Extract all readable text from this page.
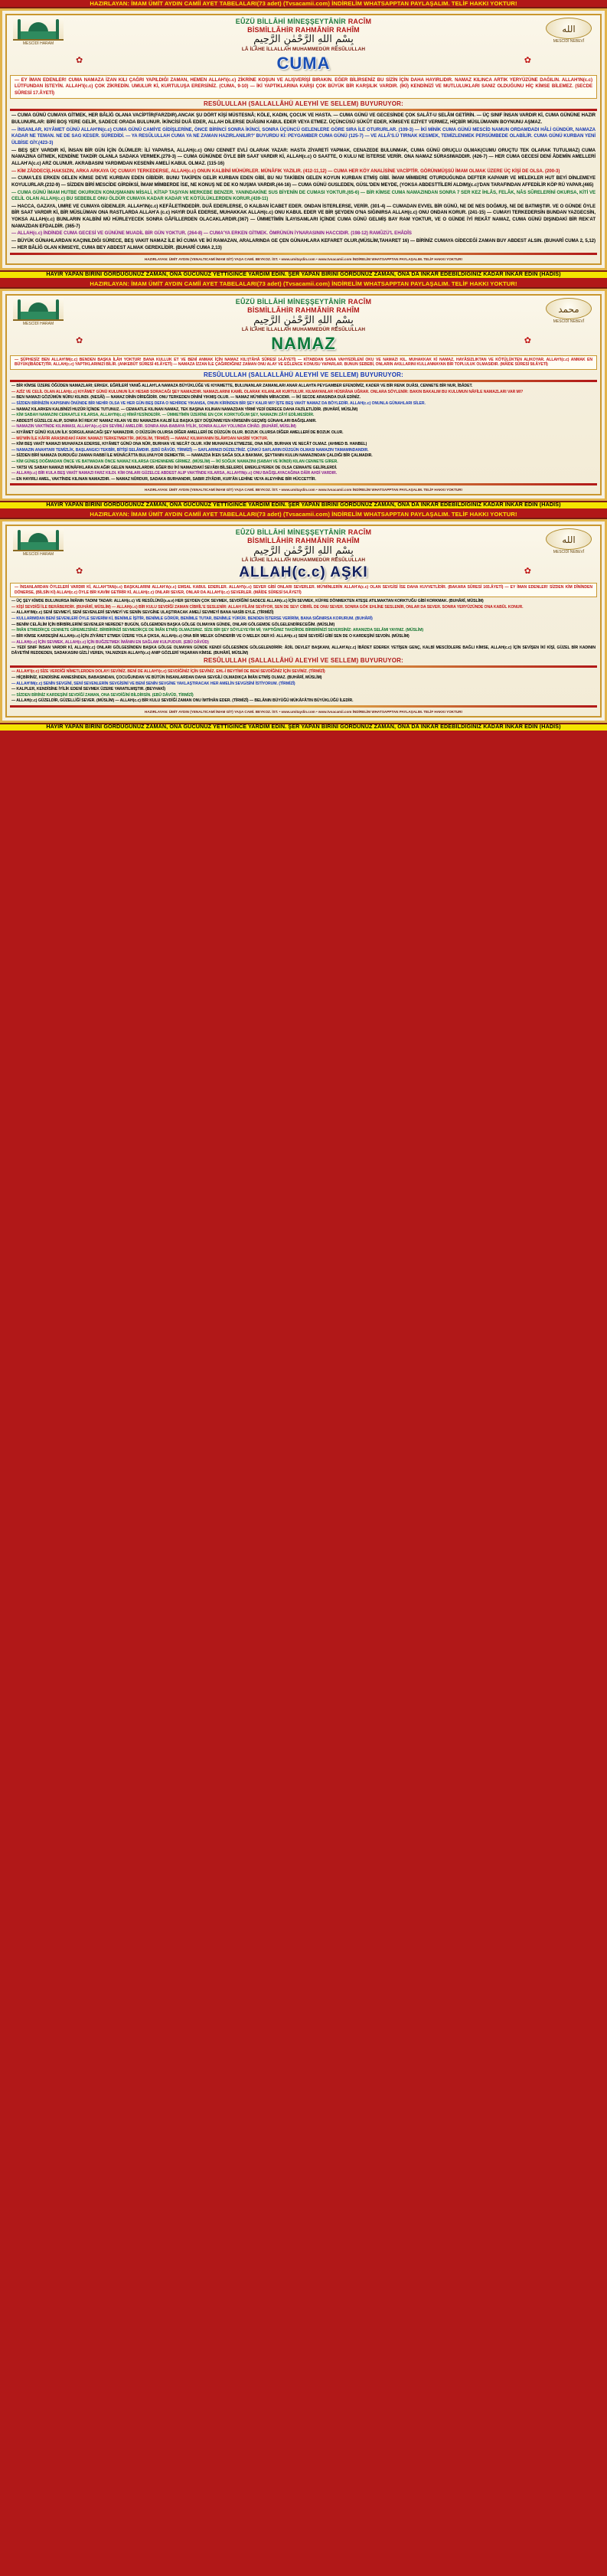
HAZIRLAYAN: İMAM ÜMİT AYDIN CAMİİ AYET TABELALARI(73 adet) (Tvsacamii.com) İNDİRELİM WHATSAPPTAN PAYLAŞALIM. TELİF HAKKI YOKTUR!
MESCİDİ HARAM
EÛZÜ BİLLÂHİ MİNEŞŞEYTÂNİR RACÎM
BİSMİLLÂHİR RAHMÂNİR RAHÎM
بِسْمِ اللهِ الرَّحْمٰنِ الرَّحِيمِ
LÂ İLÂHE İLLALLAH MUHAMMEDÜR RESÛLULLAH
الله
MESCİDİ NEBEVÎ
✿	CUMA	✿
— EY İMAN EDENLER! CUMA NAMAZA İZAN KILI ÇAĞRI YAPILDIĞI ZAMAN, HEMEN ALLAH'I(c.c) ZİKRİNE KOŞUN VE ALIŞVERİŞİ BIRAKIN. EĞER BİLİRSENİZ BU SİZİN İÇİN DAHA HAYIRLIDIR. NAMAZ KILINCA ARTIK YERYÜZÜNE DAĞILIN. ALLAH'IN(c.c) LÜTFUNDAN İSTEYİN. ALLAH'I(c.c) ÇOK ZİKREDİN. UMULUR Kİ, KURTULUŞA ERERSİNİZ. (CUMA, 9-10) — İKİ YAPTIKLARINA KARŞI ÇOK BÜYÜK BİR KARŞILIK VARDIR. (İKİ) KENDİNİZİ VE MUTLULUKLARI SANIZ OLDUĞUNU HİÇ KİMSE BİLEMEZ. (SECDE SÛRESİ 17.ÂYETİ)
RESÛLULLAH (SALLALLÂHÜ ALEYHİ VE SELLEM) BUYURUYOR:

— CUMA GÜNÜ CUMAYA GİTMEK, HER BÂLİĞ OLANA VACİPTİR(FARZDIR).ANCAK ŞU DÖRT KİŞİ MÜSTESNÂ; KÖLE, KADIN, ÇOCUK VE HASTA. — CUMA GÜNÜ VE GECESİNDE ÇOK SALÂT-U SELÂM GETİRİN. — ÜÇ SINIF İNSAN VARDIR Kİ, CUMA GÜNÜNE HAZIR BULUNURLAR: BİRİ BOŞ YERE GELİR, SADECE ORADA BULUNUR. İKİNCİSİ DUÂ EDER, ALLAH DİLERSE DUÂSINI KABUL EDER VEYA ETMEZ. ÜÇÜNCÜSÜ SÜKÛT EDER, KİMSEYE EZİYET VERMEZ, HİÇBİR MÜSLÜMANIN BOYNUNU AŞMAZ.

— İNSANLAR, KIYÂMET GÜNÜ ALLAH'IN(c.c) CUMA GÜNÜ CAMİYE GİDİŞLERİNE, ÖNCE BİRİNCİ SONRA İKİNCİ, SONRA ÜÇÜNCÜ GELENLERE GÖRE SIRA İLE OTURURLAR. (109-3) — İKİ MİNİK CUMA GÜNÜ MESCİD NAMUN ORDAMDADI HÂLİ GÜNDÜR, NAMAZA KADAR NE TEMAN. NE DE SAG KESER. SÜREDİDİ. — YA RESÛLULLAH CUMA YA NE ZAMAN HAZIRLANILIR?' BUYURDU Kİ: PEYGAMBER CUMA GÜNÜ (125-7) — VE ALLÂ'S.Ü TIRNAK KESMEK, TEMİZLENMEK PERSÜMBEDE OLABİLİR. CUMA GÜNÜ KURBAN YENİ ÜLBİSE GİY.(423-3)

— BEŞ ŞEY VARDIR Kİ, İNSAN BİR GÜN İÇİN ÖLÜMLER: İLİ YAPARSA, ALLAH(c.c) ONU CENNET EVLİ OLARAK YAZAR: HASTA ZİYARETİ YAPMAK, CENAZEDE BULUNMAK, CUMA GÜNÜ ORUÇLU OLMAK(CUMU ORUÇTU TEK OLARAK TUTULMAZ) CUMA NAMAZINA GİTMEK, KENDİNE TAKDİR OLANLA SADAKA VERMEK.(279-3) — CUMA GÜNÜNDE ÖYLE BİR SAAT VARDIR Kİ, ALLAH(c.c) O SAATTE, O KULU NE İSTERSE VERİR. ONA NAMAZ SÜRASIWADDIR. (426-7) — HER CUMA GECESİ DENİ ÂDEMİN AMELLERİ ALLAH'A(c.c) ARZ OLUNUR. AKRABASINI YARDIMDAN KESENİN AMELİ KABUL OLMAZ. (115-16)

— KİM ZÂDDECİ(LHAKSIZIN, ARKA ARKAYA ÜÇ CUMAYI TERKEDERSE, ALLAH(c.c) ONUN KALBİNİ MÜHÜRLER. MÜNÂFIK YAZILIR. (412-11,12) — CUMA HER KÖY ANALİSİNE VACİPTİR. GÖRÜNMÜŞSÜ İMAM OLMAK ÜZERE ÜÇ KİŞİ DE OLSA. (200-3)

— CUMA'LES ERKEN GELEN KİMSE DEVE KURBAN EDEN GİBİDİR. BUNU TAKİPEN GELİR KURBAN EDEN GİBİ, BU NU TAKİBEN GELEN KOYUN KURBAN ETMİŞ GİBİ. İMAM MİMBERE OTURDUĞUNDA DEFTER KAPANIR VE MELEKLER HUT BEYİ DİNLEMEYE KOYULURLAR.(232-9) — SİZDEN BİRİ MESCİDE GİRDİKSİ, İMAM MİMBERDE İSE, NE KONUŞ NE DE KO NUŞMA VARDIR.(44-16) — CUMA GÜNÜ GUSLEDEN, GÜSL'DEN MEYDE, (YOKSA ABDESTTİLERİ ALDIM)(c.c)'DAN TARAFINDAN AFFEDİLİR KÖP RÜ YAPAR.(465)

— CUMA GÜNÜ İMAM HUTBE OKURKEN KONUŞMANIN MİSALİ, KİTAP TAŞIYAN MERKEBE BENZER. YANINDAKİNE SUS BİYENİN DE CUMASI YOKTUR.(65-6) — BİR KİMSE CUMA NAMAZINDAN SONRA 7 SER KEZ İHLÂS, FELÂK, NÂS SÛRELERİNİ OKURSA, KİTİ VE CELİL OLAN ALLAH(c.c) BU SEBEBLE ONU ÖLDÜR CUMAYA KADAR KADAR VE KÖTÜLÜKLERDEN KORUR.(439-11)

— HACCA, GAZAYA, UMRE VE CUMAYA GİDENLER. ALLAH'IN(c.c) KEFÂLETİNDEDİR. DUÂ EDERLERSE, O KALBAN İCABET EDER. ONDAN İSTERLERSE, VERİR. (301-4) — CUMADAN EVVEL BİR GÜNÜ, NE DE NES DOĞMUŞ, NE DE BATMIŞTIR. VE O GÜNDE ÖYLE BİR SAAT VARDIR Kİ, BİR MÜSLÜMAN ONA RASTLARDA ALLAH'A (c.c) HAYIR DUÂ EDERSE, MUHAKKAK ALLAH(c.c) ONU KABUL EDER VE BİR ŞEYDEN O'NA SIĞINIRSA ALLAH(c.c) ONU ONDAN KORUR. (241-15) — CUMAYI TERKEDERSİN BUNDAN YAZGECSİN, YOKSA ALLAH(c.c) BUNLARIN KALBİNİ MÜ HÜRLEYECEK SONRA GÂFİLLERDEN OLACAKLARDIR.(367) — ÜMMETİMİN İLAYISAMLARI İÇİNDE CUMA GÜNÜ GELMİŞ BAY RAM YOKTUR, VE O GÜNDE İYİ REKÂT NAMAZ, CUMA GÜNÜ DIŞINDAKİ BİR REK'AT NAMAZDAN EFDALDİR. (365-7)

— ALLAH(c.c) İNDİNDE CUMA GECESİ VE GÜNÜNE MUADİL BİR GÜN YOKTUR. (264-8) — CUMA'YA ERKEN GİTMEK. ÖMRÜNÜN İYNARASININ HACCIDIR. (198-12) RAMÛZÜ'L EHÂDÎS

— BÜYÜK GÜNAHLARDAN KAÇINILDIĞI SÜRECE, BEŞ VAKIT NAMAZ İLE İKİ CUMA VE İKİ RAMAZAN, ARALARINDA GE ÇEN GÜNAHLARA KEFARET OLUR.(MÜSLİM,TAHARET 16) — BİRİNİZ CUMAYA GİDECEĞİ ZAMAN BUY ABDEST ALSIN. (BUHARÎ CUMA 2, 5,12) — HER BÂLİĞ OLAN KİMSEYE, CUMA BEY ABDEST ALMAK GEREKLİDİR. (BUHARÎ CUMA 2,13)

HAZIRLAYAN: ÜMİT AYDIN (YENALTICAMİ İMAM GİT) YAŞA CAMİ. BEYKOZ. İST. • www.umitaydin.com • www.tvsacamii.com İNDİRELİM WHATSAPPTAN PAYLAŞALIM. TELİF HAKKI YOKTUR!
HAYIR YAPAN BİRİNİ GÖRDÜĞÜNÜZ ZAMAN, ONA GÜCÜNÜZ YETTİĞİNCE YARDIM EDİN. ŞER YAPAN BİRİNİ GÖRDÜNÜZ ZAMAN, ONA DA İNKAR EDEBİLDİĞİNİZ KADAR İNKAR EDİN (HADİS)
HAZIRLAYAN: İMAM ÜMİT AYDIN CAMİİ AYET TABELALARI(73 adet) (Tvsacamii.com) İNDİRELİM WHATSAPPTAN PAYLAŞALIM. TELİF HAKKI YOKTUR!
MESCİDİ HARAM
EÛZÜ BİLLÂHİ MİNEŞŞEYTÂNİR RACÎM
BİSMİLLÂHİR RAHMÂNİR RAHÎM
بِسْمِ اللهِ الرَّحْمٰنِ الرَّحِيمِ
LÂ İLÂHE İLLALLAH MUHAMMEDÜR RESÛLULLAH
محمد
MESCİDİ NEBEVÎ
✿	NAMAZ	✿
— ŞÜPHESİZ BEN ALLAH'IM(c.c) BENDEN BAŞKA İLÂH YOKTUR! BANA KULLUK ET VE BENİ ANMAK İÇİN NAMAZ KIL!(TÂHÂ SÛRESİ 14.ÂYETİ) — KİTABDAN SANA VAHYEDİLENİ OKU VE NAMAZI KIL. MUHAKKAK Kİ NAMAZ, HAYÂSIZLIKTAN VE KÖTÜLÜKTEN ALIKOYAR. ALLAH'I(c.c) ANMAK EN BÜYÜK(İBÂDET)TİR. ALLAH(c.c) YAPTIKLARINIZI BİLİR. (ANKEBÛT SÛRESİ 45.ÂYETİ) — NAMAZA İZZAN İLE ÇAĞIRDIĞINIZ ZAMAN ONU ALAY VE EĞLENCE KONUSU YAPARLAR. BUNUN SEBEBİ, ONLARIN AKILLARINI KULLANMAYAN BİR TOPLULUK OLMASIDIR. (MÂİDE SÛRESİ 58.ÂYETİ)
RESÛLULLAH (SALLALLÂHÜ ALEYHİ VE SELLEM) BUYURUYOR:

— BİR KİMSE ÜZERE ÖĞÜDEN NAMAZLARI; ERKEK. EĞRİLERİ YANIĞ ALLAH'LA NAMAZA BÜYÜKLÜĞE VE KIYAMETTE, BULUNANLAR ZAMANLARI ANAR ALLAHTA PEYGAMBER EFENDİMİZ, KADER VE BİR RENK DUÂSI, CENNETE BİR NUR, İBÂDET.

— AZİZ VE CELİL OLAN ALLAH(c.c) KIYÂMET GÜNÜ KULUNUN İLK HESAB SORACAĞI ŞEY NAMAZDIR. NAMAZLARINI KAMİL OLARAK KILANLAR KURTULUR. KILMAYANLAR HÜSRÂNA UĞRAR. ONLARA SÖYLENİR: BAKIN BAKALIM BU KULUMUN NÂFİLE NAMAZLARI VAR MI?

— BEN NAMAZI GÖZÜMÜN NÛRU KILINDI. (NESÂÎ) — NAMAZ DİNİN DİREĞİDİR. ONU TERKEDEN DİNİNİ YIKMIŞ OLUR. — NAMAZ MÜ'MİNİN MİRACIDIR. — İKİ SECDE ARASINDA DUÂ EDİNİZ.

— SİZDEN BİRİNİZİN KAPISININ ÖNÜNDE BİR NEHİR OLSA VE HER GÜN BEŞ DEFA O NEHİRDE YIKANSA, ONUN KİRİNDEN BİR ŞEY KALIR MI? İŞTE BEŞ VAKİT NAMAZ DA BÖYLEDİR. ALLAH(c.c) ONUNLA GÜNAHLARI SİLER.

— NAMAZ KILARKEN KALBİNİZİ HUZÛR İÇİNDE TUTUNUZ. — CEMAATLE KILINAN NAMAZ, TEK BAŞINA KILINAN NAMAZDAN YİRMİ YEDİ DERECE DAHA FAZİLETLİDİR. (BUHÂRÎ, MÜSLİM)

— KİM SABAH NAMAZINI CEMAATLE KILARSA, ALLAH'IN(c.c) HİMÂYESİNDEDİR. — ÜMMETİMİN ÜZERİNE EN ÇOK KORKTUĞUM ŞEY, NAMAZIN ZÂYİ EDİLMESİDİR.

— ABDESTİ GÜZELCE ALIP, SONRA İKİ REK'AT NAMAZ KILAN VE BU NAMAZDA KALBİ İLE BAŞKA ŞEY DÜŞÜNMEYEN KİMSENİN GEÇMİŞ GÜNAHLARI BAĞIŞLANIR.

— NAMAZIN VAKTİNDE KILINMASI, ALLAH'A(c.c) EN SEVİMLİ AMELDİR. SONRA ANA-BABAYA İYİLİK, SONRA ALLAH YOLUNDA CİHÂD. (BUHÂRÎ, MÜSLİM)

— KIYÂMET GÜNÜ KULUN İLK SORGULANACAĞI ŞEY NAMAZDIR. O DÜZGÜN OLURSA DİĞER AMELLERİ DE DÜZGÜN OLUR. BOZUK OLURSA DİĞER AMELLERİ DE BOZUK OLUR.

— MÜ'MİN İLE KÂFİR ARASINDAKİ FARK NAMAZI TERKETMEKTİR. (MÜSLİM, TİRMİZÎ) — NAMAZ KILMAYANIN İSLÂM'DAN NASİBİ YOKTUR.

— KİM BEŞ VAKİT NAMAZI MUHAFAZA EDERSE, KIYÂMET GÜNÜ ONA NÛR, BURHAN VE NECÂT OLUR. KİM MUHAFAZA ETMEZSE, ONA NÛR, BURHAN VE NECÂT OLMAZ. (AHMED B. HANBEL)

— NAMAZIN ANAHTARI TEMİZLİK, BAŞLANGICI TEKBİR, BİTİŞİ SELÂMDIR. (EBÛ DÂVÛD, TİRMİZÎ) — SAFLARINIZI DÜZELTİNİZ. ÇÜNKÜ SAFLARIN DÜZGÜN OLMASI NAMAZIN TAMAMINDANDIR.

— SİZDEN BİRİ NAMAZA DURDUĞU ZAMAN RABBİ İLE MÜNÂCÂTTA BULUNUYOR DEMEKTİR. — NAMAZDA İKEN SAĞA SOLA BAKMAK, ŞEYTANIN KULUN NAMAZINDAN ÇALDIĞI BİR ÇALMADIR.

— KİM GÜNEŞ DOĞMADAN ÖNCE VE BATMADAN ÖNCE NAMAZ KILARSA CEHENNEME GİRMEZ. (MÜSLİM) — İKİ SOĞUK NAMAZINI (SABAH VE İKİNDİ) KILAN CENNETE GİRER.

— YATSI VE SABAH NAMAZI MÜNÂFIKLARA EN AĞIR GELEN NAMAZLARDIR. EĞER BU İKİ NAMAZDAKİ SEVÂBI BİLSELERDİ, EMEKLEYEREK DE OLSA CEMAATE GELİRLERDİ.

— ALLAH(c.c) BİR KULA BEŞ VAKİT NAMAZI FARZ KILDI. KİM ONLARI GÜZELCE ABDEST ALIP VAKTİNDE KILARSA, ALLAH'IN(c.c) ONU BAĞIŞLAYACAĞINA DÂİR AHDİ VARDIR.

— EN HAYIRLI AMEL, VAKTİNDE KILINAN NAMAZDIR. — NAMAZ NÛRDUR, SADAKA BURHANDIR, SABIR ZİYÂDIR, KUR'ÂN LEHİNE VEYA ALEYHİNE BİR HÜCCETTİR.

HAZIRLAYAN: ÜMİT AYDIN (YENALTICAMİ İMAM GİT) YAŞA CAMİ. BEYKOZ. İST. • www.umitaydin.com • www.tvsacamii.com İNDİRELİM WHATSAPPTAN PAYLAŞALIM. TELİF HAKKI YOKTUR!
HAYIR YAPAN BİRİNİ GÖRDÜĞÜNÜZ ZAMAN, ONA GÜCÜNÜZ YETTİĞİNCE YARDIM EDİN. ŞER YAPAN BİRİNİ GÖRDÜNÜZ ZAMAN, ONA DA İNKAR EDEBİLDİĞİNİZ KADAR İNKAR EDİN (HADİS)
HAZIRLAYAN: İMAM ÜMİT AYDIN CAMİİ AYET TABELALARI(73 adet) (Tvsacamii.com) İNDİRELİM WHATSAPPTAN PAYLAŞALIM. TELİF HAKKI YOKTUR!
MESCİDİ HARAM
EÛZÜ BİLLÂHİ MİNEŞŞEYTÂNİR RACÎM
BİSMİLLÂHİR RAHMÂNİR RAHÎM
بِسْمِ اللهِ الرَّحْمٰنِ الرَّحِيمِ
LÂ İLÂHE İLLALLAH MUHAMMEDÜR RESÛLULLAH
الله
MESCİDİ NEBEVÎ
✿	ALLAH(c.c) AŞKI	✿
— İNSANLARDAN ÖYLELERİ VARDIR Kİ, ALLAH'TAN(c.c) BAŞKALARINI ALLAH'A(c.c) EMSAL KABUL EDERLER. ALLAH'I(c.c) SEVER GİBİ ONLARI SEVERLER. MÜ'MİNLERİN ALLAH'A(c.c) OLAN SEVGİSİ İSE DAHA KUVVETLİDİR. (BAKARA SÛRESİ 165.ÂYETİ) — EY İMAN EDENLER! SİZDEN KİM DÎNİNDEN DÖNERSE, (BİLSİN Kİ) ALLAH(c.c) ÖYLE BİR KAVİM GETİRİR Kİ, ALLAH(c.c) ONLARI SEVER, ONLAR DA ALLAH'I(c.c) SEVERLER. (MÂİDE SÛRESİ 54.ÂYETİ)

— ÜÇ ŞEY KİMDE BULUNURSA İMÂNIN TADINI TADAR: ALLAH(c.c) VE RESÛLÜNÜ(s.a.v) HER ŞEYDEN ÇOK SEVMEK, SEVDİĞİNİ SADECE ALLAH(c.c) İÇİN SEVMEK, KÜFRE DÖNMEKTEN ATEŞE ATILMAKTAN KORKTUĞU GİBİ KORKMAK. (BUHÂRÎ, MÜSLİM)

— KİŞİ SEVDİĞİ İLE BERÂBERDİR. (BUHÂRÎ, MÜSLİM) — ALLAH(c.c) BİR KULU SEVDİĞİ ZAMAN CİBRÎL'E SESLENİR: ALLAH FİLÂNI SEVİYOR, SEN DE SEV! CİBRÎL DE ONU SEVER. SONRA GÖK EHLİNE SESLENİR, ONLAR DA SEVER. SONRA YERYÜZÜNDE ONA KABÛL KONUR.

— ALLAH'IM(c.c) SENİ SEVMEYİ, SENİ SEVENLERİ SEVMEYİ VE SENİN SEVGİNE ULAŞTIRACAK AMELİ SEVMEYİ BANA NASİB EYLE. (TİRMİZÎ)

— KULLARIMDAN BENİ SEVENLERİ ÖYLE SEVERİM Kİ, BENİMLE İŞİTİR, BENİMLE GÖRÜR, BENİMLE TUTAR, BENİMLE YÜRÜR. BENDEN İSTERSE VERİRİM, BANA SIĞINIRSA KORURUM. (BUHÂRÎ)

— BENİM CELÂLİM İÇİN BİRBİRLERİNİ SEVENLER NEREDE? BUGÜN, GÖLGEMDEN BAŞKA GÖLGE OLMAYAN GÜNDE, ONLARI GÖLGEMDE GÖLGELENDİRECEĞİM. (MÜSLİM)

— İMÂN ETMEDİKÇE CENNETE GİREMEZSİNİZ. BİRBİRİNİZİ SEVMEDİKÇE DE İMÂN ETMİŞ OLMAZSINIZ. SİZE BİR ŞEY SÖYLEYEYİM Mİ; YAPTIĞINIZ TAKDÎRDE BİRBİRİNİZİ SEVERSİNİZ: ARANIZDA SELÂMI YAYINIZ. (MÜSLİM)

— BİR KİMSE KARDEŞİNİ ALLAH(c.c) İÇİN ZİYÂRET ETMEK ÜZERE YOLA ÇIKSA, ALLAH(c.c) ONA BİR MELEK GÖNDERİR VE O MELEK DER Kİ: ALLAH(c.c) SENİ SEVDİĞİ GİBİ SEN DE O KARDEŞİNİ SEVDİN. (MÜSLİM)

— ALLAH(c.c) İÇİN SEVMEK, ALLAH(c.c) İÇİN BUĞZETMEK İMÂNIN EN SAĞLAM KULPUDUR. (EBÛ DÂVÛD)

— YEDİ SINIF İNSAN VARDIR Kİ, ALLAH(c.c) ONLARI GÖLGESİNDEN BAŞKA GÖLGE OLMAYAN GÜNDE KENDİ GÖLGESİNDE GÖLGELENDİRİR: ÂDİL DEVLET BAŞKANI, ALLAH'A(c.c) İBÂDET EDEREK YETİŞEN GENÇ, KALBİ MESCİDLERE BAĞLI KİMSE, ALLAH(c.c) İÇİN SEVİŞEN İKİ KİŞİ, GÜZEL BİR KADININ DÂVETİNİ REDDEDEN, SADAKASINI GİZLİ VEREN, YALNIZKEN ALLAH'I(c.c) ANIP GÖZLERİ YAŞARAN KİMSE. (BUHÂRÎ, MÜSLİM)

RESÛLULLAH (SALLALLÂHÜ ALEYHİ VE SELLEM) BUYURUYOR:

— ALLAH'I(c.c) SİZE VERDİĞİ NÎMETLERDEN DOLAYI SEVİNİZ. BENİ DE ALLAH'I(c.c) SEVDİĞİNİZ İÇİN SEVİNİZ. EHL-İ BEYTİMİ DE BENİ SEVDİĞİNİZ İÇİN SEVİNİZ. (TİRMİZÎ)

— HİÇBİRİNİZ, KENDİSİNE ANNESİNDEN, BABASINDAN, ÇOCUĞUNDAN VE BÜTÜN İNSANLARDAN DAHA SEVGİLİ OLMADIKÇA İMÂN ETMİŞ OLMAZ. (BUHÂRÎ, MÜSLİM)

— ALLAH'IM(c.c) SENİN SEVGİNİ, SENİ SEVENLERİN SEVGİSİNİ VE BENİ SENİN SEVGİNE YAKLAŞTIRACAK HER AMELİN SEVGİSİNİ İSTİYORUM. (TİRMİZÎ)

— KALPLER, KENDİSİNE İYİLİK EDENİ SEVMEK ÜZERE YARATILMIŞTIR. (BEYHAKÎ)

— SİZDEN BİRİNİZ KARDEŞİNİ SEVDİĞİ ZAMAN, ONA SEVDİĞİNİ BİLDİRSİN. (EBÛ DÂVÛD, TİRMİZÎ)

— ALLAH(c.c) GÜZELDİR, GÜZELLİĞİ SEVER. (MÜSLİM) — ALLAH(c.c) BİR KULU SEVDİĞİ ZAMAN ONU İMTİHÂN EDER. (TİRMİZÎ) — BELÂNIN BÜYÜĞÜ MÜKÂFÂTIN BÜYÜKLÜĞÜ İLEDİR.

HAZIRLAYAN: ÜMİT AYDIN (YENALTICAMİ İMAM GİT) YAŞA CAMİ. BEYKOZ. İST. • www.umitaydin.com • www.tvsacamii.com İNDİRELİM WHATSAPPTAN PAYLAŞALIM. TELİF HAKKI YOKTUR!
HAYIR YAPAN BİRİNİ GÖRDÜĞÜNÜZ ZAMAN, ONA GÜCÜNÜZ YETTİĞİNCE YARDIM EDİN. ŞER YAPAN BİRİNİ GÖRDÜNÜZ ZAMAN, ONA DA İNKAR EDEBİLDİĞİNİZ KADAR İNKAR EDİN (HADİS)
